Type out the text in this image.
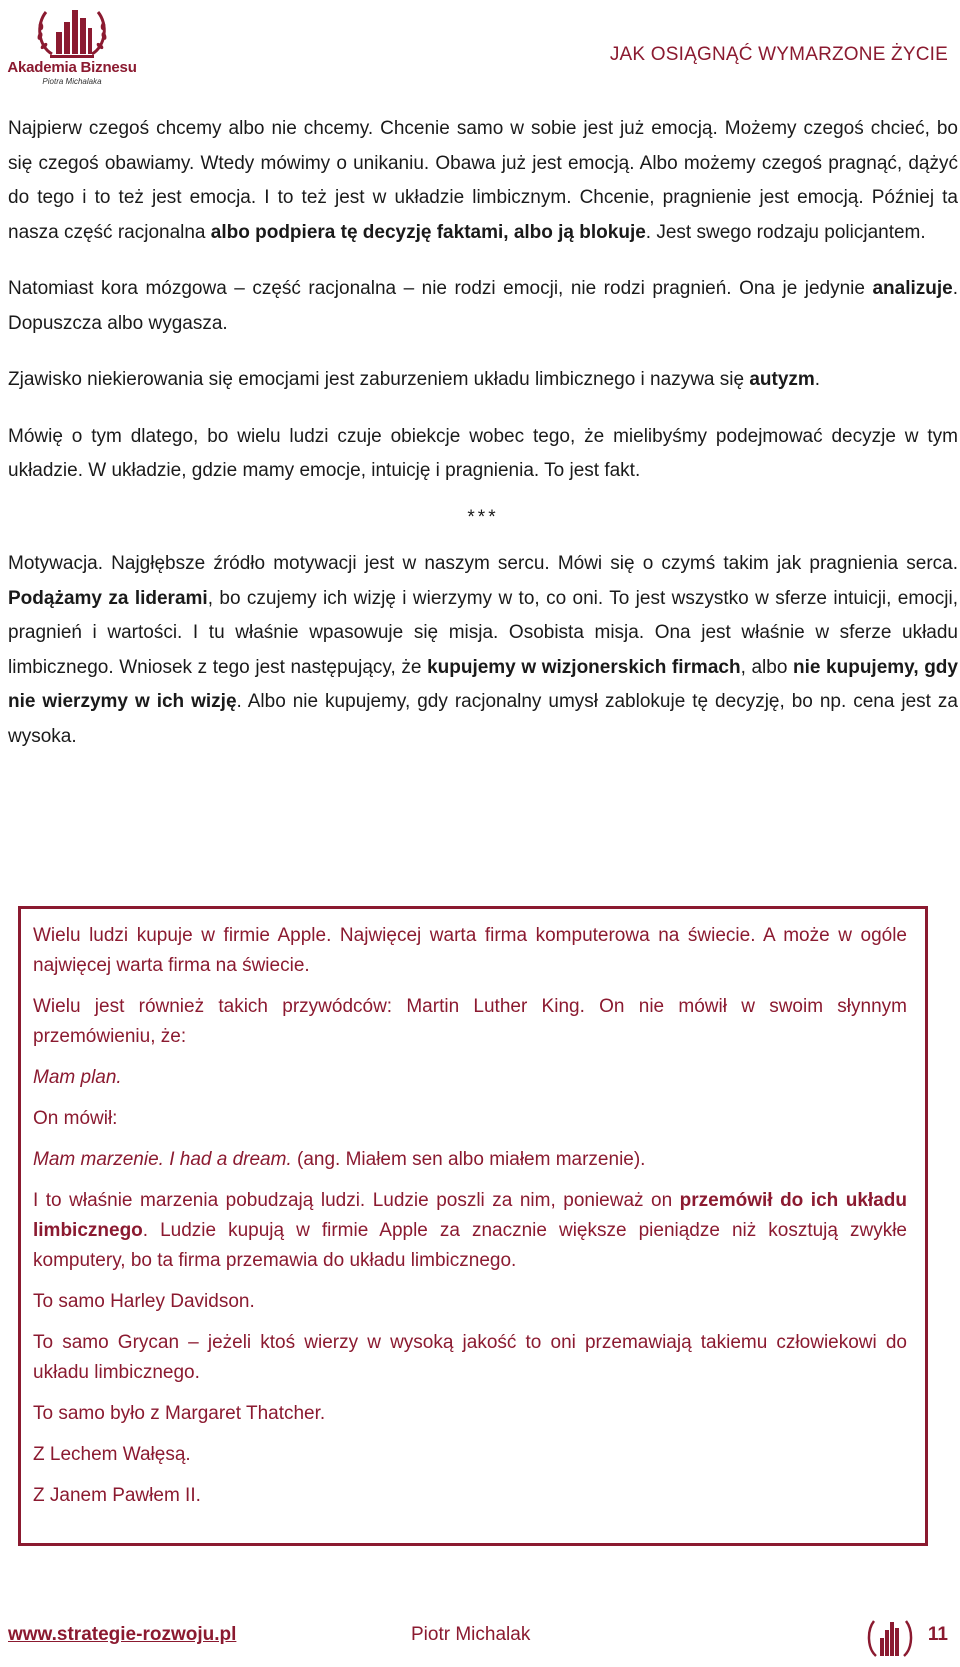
Akademia Biznesu
Piotra Michalaka
JAK OSIĄGNĄĆ WYMARZONE ŻYCIE

Najpierw czegoś chcemy albo nie chcemy. Chcenie samo w sobie jest już emocją. Możemy czegoś chcieć, bo się czegoś obawiamy. Wtedy mówimy o unikaniu. Obawa już jest emocją. Albo możemy czegoś pragnąć, dążyć do tego i to też jest emocja. I to też jest w układzie limbicznym. Chcenie, pragnienie jest emocją. Później ta nasza część racjonalna albo podpiera tę decyzję faktami, albo ją blokuje. Jest swego rodzaju policjantem.

Natomiast kora mózgowa – część racjonalna – nie rodzi emocji, nie rodzi pragnień. Ona je jedynie analizuje. Dopuszcza albo wygasza.

Zjawisko niekierowania się emocjami jest zaburzeniem układu limbicznego i nazywa się autyzm.

Mówię o tym dlatego, bo wielu ludzi czuje obiekcje wobec tego, że mielibyśmy podejmować decyzje w tym układzie. W układzie, gdzie mamy emocje, intuicję i pragnienia. To jest fakt.

***

Motywacja. Najgłębsze źródło motywacji jest w naszym sercu. Mówi się o czymś takim jak pragnienia serca. Podążamy za liderami, bo czujemy ich wizję i wierzymy w to, co oni. To jest wszystko w sferze intuicji, emocji, pragnień i wartości. I tu właśnie wpasowuje się misja. Osobista misja. Ona jest właśnie w sferze układu limbicznego. Wniosek z tego jest następujący, że kupujemy w wizjonerskich firmach, albo nie kupujemy, gdy nie wierzymy w ich wizję. Albo nie kupujemy, gdy racjonalny umysł zablokuje tę decyzję, bo np. cena jest za wysoka.

Wielu ludzi kupuje w firmie Apple. Najwięcej warta firma komputerowa na świecie. A może w ogóle najwięcej warta firma na świecie.

Wielu jest również takich przywódców: Martin Luther King. On nie mówił w swoim słynnym przemówieniu, że:

Mam plan.

On mówił:

Mam marzenie. I had a dream. (ang. Miałem sen albo miałem marzenie).

I to właśnie marzenia pobudzają ludzi. Ludzie poszli za nim, ponieważ on przemówił do ich układu limbicznego. Ludzie kupują w firmie Apple za znacznie większe pieniądze niż kosztują zwykłe komputery, bo ta firma przemawia do układu limbicznego.

To samo Harley Davidson.

To samo Grycan – jeżeli ktoś wierzy w wysoką jakość to oni przemawiają takiemu człowiekowi do układu limbicznego.

To samo było z Margaret Thatcher.

Z Lechem Wałęsą.

Z Janem Pawłem II.

www.strategie-rozwoju.pl	Piotr Michalak	11
